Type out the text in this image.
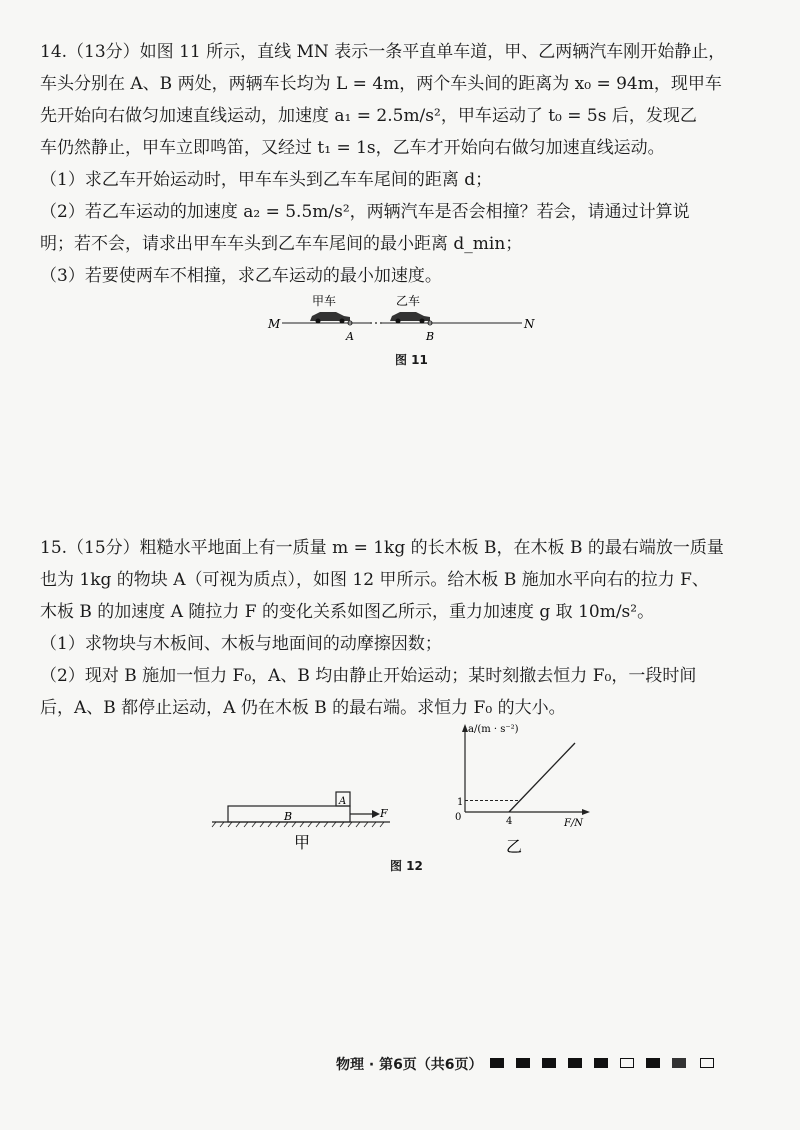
14.（13分）如图 11 所示，直线 MN 表示一条平直单车道，甲、乙两辆汽车刚开始静止，
车头分别在 A、B 两处，两辆车长均为 L = 4m，两个车头间的距离为 x₀ = 94m，现甲车
先开始向右做匀加速直线运动，加速度 a₁ = 2.5m/s²，甲车运动了 t₀ = 5s 后，发现乙
车仍然静止，甲车立即鸣笛，又经过 t₁ = 1s，乙车才开始向右做匀加速直线运动。
（1）求乙车开始运动时，甲车车头到乙车车尾间的距离 d；
（2）若乙车运动的加速度 a₂ = 5.5m/s²，两辆汽车是否会相撞？若会，请通过计算说
明；若不会，请求出甲车车头到乙车车尾间的最小距离 d_min；
（3）若要使两车不相撞，求乙车运动的最小加速度。
甲车	乙车
M	N
A	B
图 11
15.（15分）粗糙水平地面上有一质量 m = 1kg 的长木板 B，在木板 B 的最右端放一质量
也为 1kg 的物块 A（可视为质点），如图 12 甲所示。给木板 B 施加水平向右的拉力 F、
木板 B 的加速度 A 随拉力 F 的变化关系如图乙所示，重力加速度 g 取 10m/s²。
（1）求物块与木板间、木板与地面间的动摩擦因数；
（2）现对 B 施加一恒力 F₀，A、B 均由静止开始运动；某时刻撤去恒力 F₀，一段时间
后，A、B 都停止运动，A 仍在木板 B 的最右端。求恒力 F₀ 的大小。
B
A
F
甲
a/(m · s⁻²)
F/N
0	4
1
乙
图 12
物理 · 第6页（共6页）
